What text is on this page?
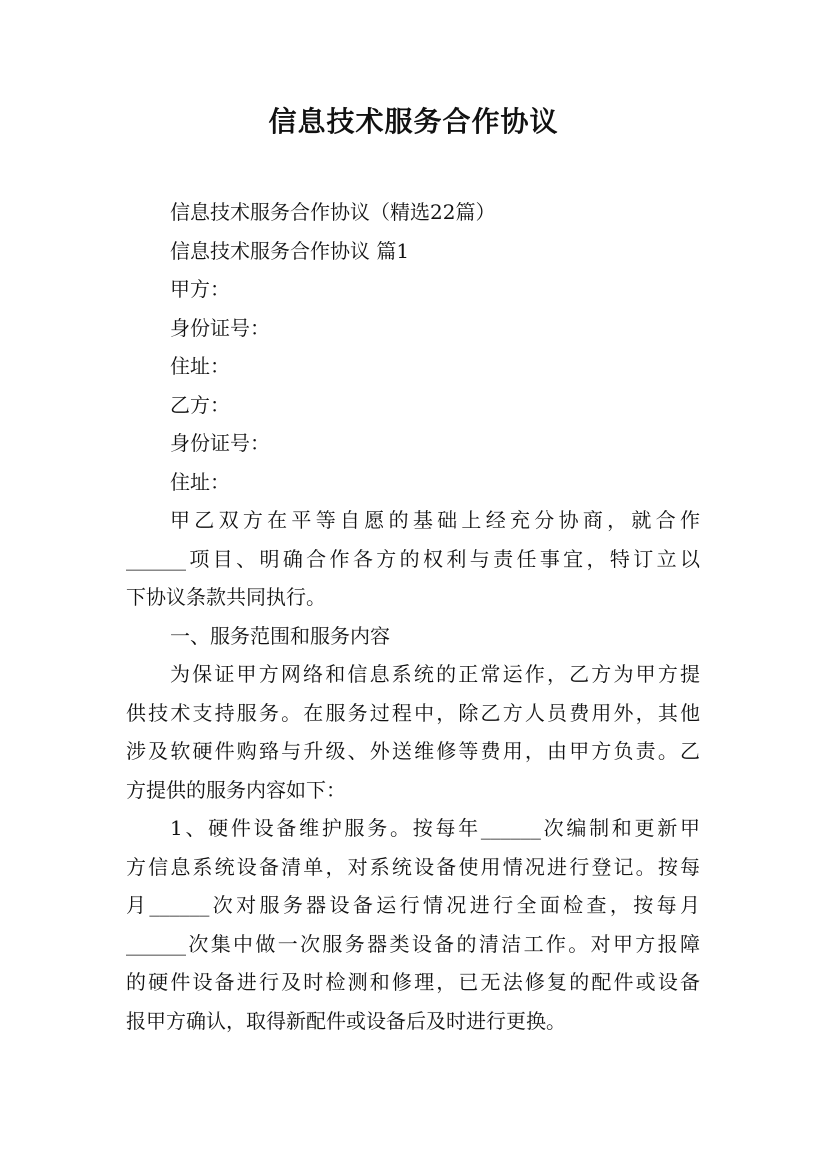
信息技术服务合作协议
信息技术服务合作协议（精选22篇）
信息技术服务合作协议 篇1
甲方：
身份证号：
住址：
乙方：
身份证号：
住址：
甲乙双方在平等自愿的基础上经充分协商，就合作
______项目、明确合作各方的权利与责任事宜，特订立以
下协议条款共同执行。
一、服务范围和服务内容
为保证甲方网络和信息系统的正常运作，乙方为甲方提
供技术支持服务。在服务过程中，除乙方人员费用外，其他
涉及软硬件购臵与升级、外送维修等费用，由甲方负责。乙
方提供的服务内容如下：
1、硬件设备维护服务。按每年______次编制和更新甲
方信息系统设备清单，对系统设备使用情况进行登记。按每
月______次对服务器设备运行情况进行全面检查，按每月
______次集中做一次服务器类设备的清洁工作。对甲方报障
的硬件设备进行及时检测和修理，已无法修复的配件或设备
报甲方确认，取得新配件或设备后及时进行更换。
